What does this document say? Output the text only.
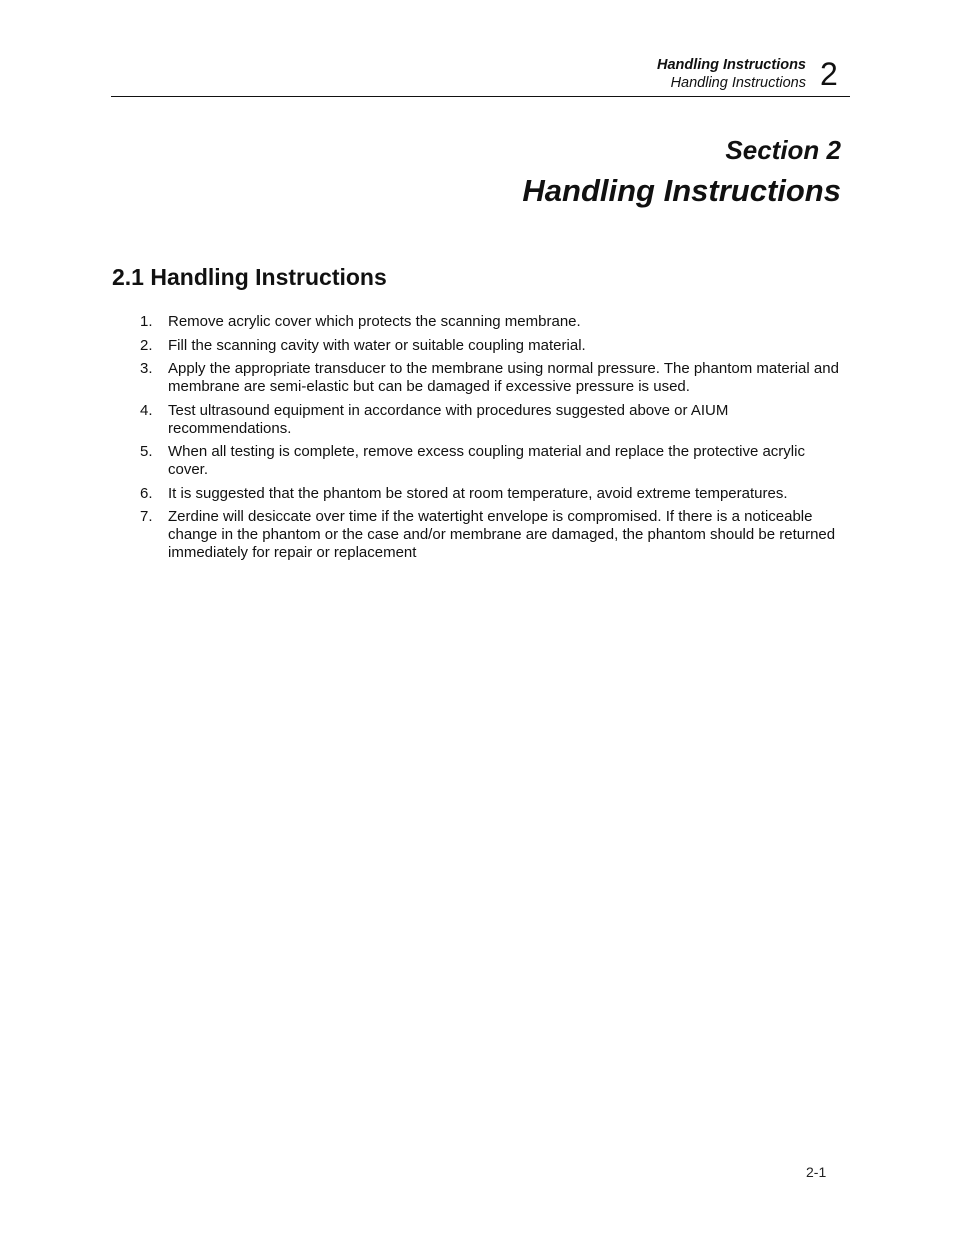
Handling Instructions
Handling Instructions 2
Section 2
Handling Instructions
2.1 Handling Instructions
1. Remove acrylic cover which protects the scanning membrane.
2. Fill the scanning cavity with water or suitable coupling material.
3. Apply the appropriate transducer to the membrane using normal pressure. The phantom material and membrane are semi-elastic but can be damaged if excessive pressure is used.
4. Test ultrasound equipment in accordance with procedures suggested above or AIUM recommendations.
5. When all testing is complete, remove excess coupling material and replace the protective acrylic cover.
6. It is suggested that the phantom be stored at room temperature, avoid extreme temperatures.
7. Zerdine will desiccate over time if the watertight envelope is compromised. If there is a noticeable change in the phantom or the case and/or membrane are damaged, the phantom should be returned immediately for repair or replacement
2-1
